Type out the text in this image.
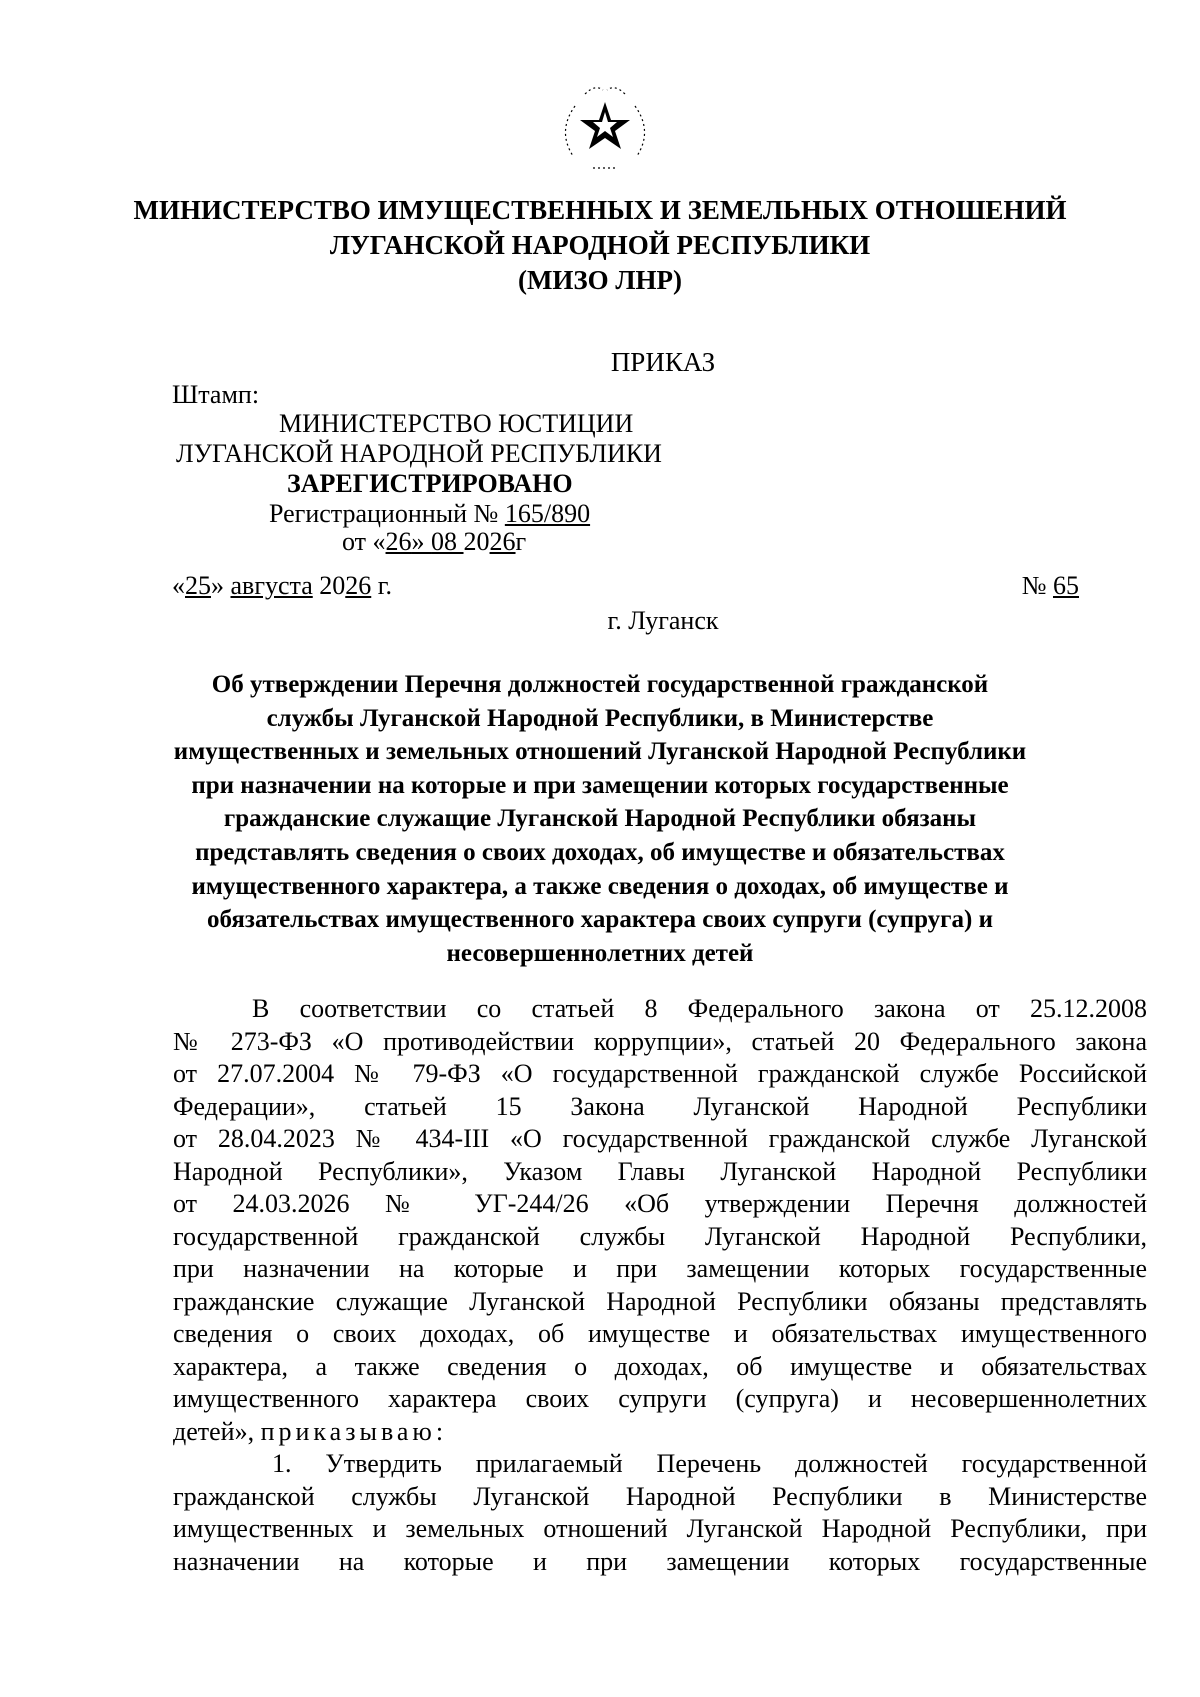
МИНИСТЕРСТВО ИМУЩЕСТВЕННЫХ И ЗЕМЕЛЬНЫХ ОТНОШЕНИЙ
ЛУГАНСКОЙ НАРОДНОЙ РЕСПУБЛИКИ
(МИЗО ЛНР)
ПРИКАЗ
Штамп:
МИНИСТЕРСТВО ЮСТИЦИИ
ЛУГАНСКОЙ НАРОДНОЙ РЕСПУБЛИКИ
ЗАРЕГИСТРИРОВАНО
Регистрационный № 165/890
от «26» 08 2026г
«25» августа 2026 г.	№ 65
г. Луганск
Об утверждении Перечня должностей государственной гражданской
службы Луганской Народной Республики, в Министерстве
имущественных и земельных отношений Луганской Народной Республики
при назначении на которые и при замещении которых государственные
гражданские служащие Луганской Народной Республики обязаны
представлять сведения о своих доходах, об имуществе и обязательствах
имущественного характера, а также сведения о доходах, об имуществе и
обязательствах имущественного характера своих супруги (супруга) и
несовершеннолетних детей
В соответствии со статьей 8 Федерального закона от 25.12.2008
№ 273-ФЗ «О противодействии коррупции», статьей 20 Федерального закона
от 27.07.2004 № 79-ФЗ «О государственной гражданской службе Российской
Федерации», статьей 15 Закона Луганской Народной Республики
от 28.04.2023 № 434-III «О государственной гражданской службе Луганской
Народной Республики», Указом Главы Луганской Народной Республики
от 24.03.2026 № УГ-244/26 «Об утверждении Перечня должностей
государственной гражданской службы Луганской Народной Республики,
при назначении на которые и при замещении которых государственные
гражданские служащие Луганской Народной Республики обязаны представлять
сведения о своих доходах, об имуществе и обязательствах имущественного
характера, а также сведения о доходах, об имуществе и обязательствах
имущественного характера своих супруги (супруга) и несовершеннолетних
детей», приказываю:
1. Утвердить прилагаемый Перечень должностей государственной
гражданской службы Луганской Народной Республики в Министерстве
имущественных и земельных отношений Луганской Народной Республики, при
назначении на которые и при замещении которых государственные
